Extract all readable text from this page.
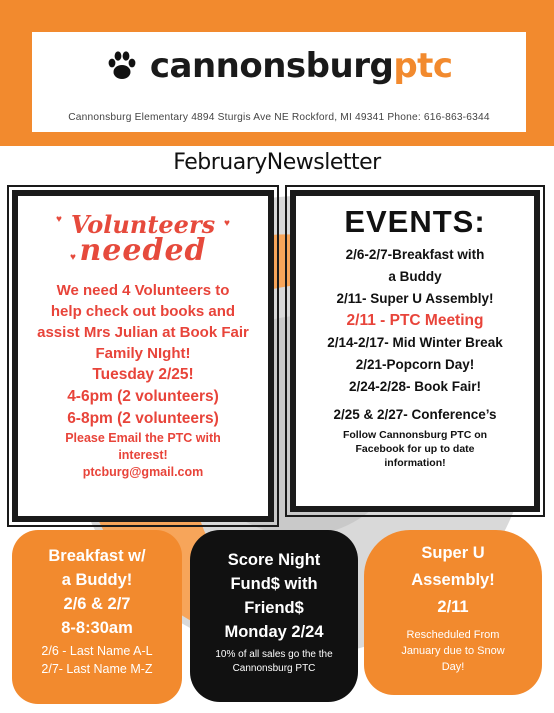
cannonsburgptc
Cannonsburg Elementary 4894 Sturgis Ave NE Rockford, MI 49341 Phone: 616-863-6344
FebruaryNewsletter
♥	♥
♥
Volunteers
needed
We need 4 Volunteers to
help check out books and
assist Mrs Julian at Book Fair
Family NIght!
Tuesday 2/25!
4-6pm (2 volunteers)
6-8pm (2 volunteers)
Please Email the PTC with
interest!
ptcburg@gmail.com
EVENTS:
2/6-2/7-Breakfast with
a Buddy
2/11- Super U Assembly!
2/11 - PTC Meeting
2/14-2/17- Mid Winter Break
2/21-Popcorn Day!
2/24-2/28- Book Fair!
2/25 & 2/27- Conference’s
Follow Cannonsburg PTC on
Facebook for up to date
information!
Breakfast w/
a Buddy!
2/6 & 2/7
8-8:30am
2/6 - Last Name A-L
2/7- Last Name M-Z
Score Night
Fund$ with
Friend$
Monday 2/24
10% of all sales go the the
Cannonsburg PTC
Super U
Assembly!
2/11
Rescheduled From
January due to Snow
Day!
